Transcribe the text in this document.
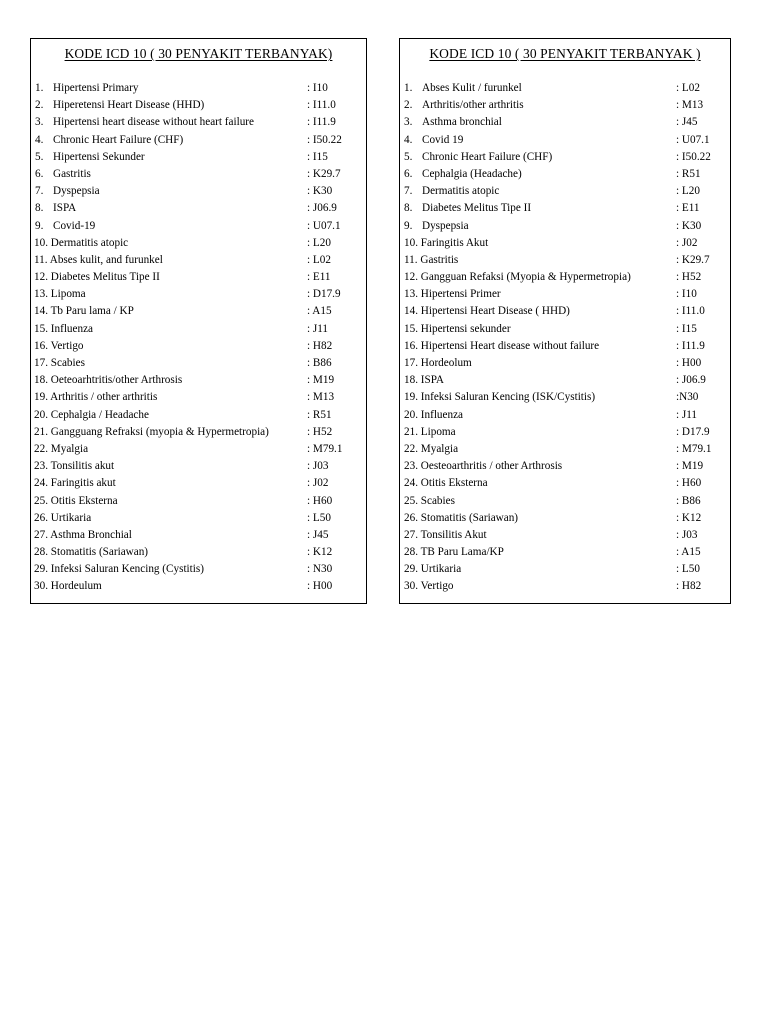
KODE ICD 10 ( 30 PENYAKIT TERBANYAK)
1. Hipertensi Primary	: I10
2. Hiperetensi Heart Disease (HHD)	: I11.0
3. Hipertensi heart disease without heart failure	: I11.9
4. Chronic Heart Failure (CHF)	: I50.22
5. Hipertensi Sekunder	: I15
6. Gastritis	: K29.7
7. Dyspepsia	: K30
8. ISPA	: J06.9
9. Covid-19	: U07.1
10. Dermatitis atopic	: L20
11. Abses kulit, and furunkel	: L02
12. Diabetes Melitus Tipe II	: E11
13. Lipoma	: D17.9
14. Tb Paru lama / KP	: A15
15. Influenza	: J11
16. Vertigo	: H82
17. Scabies	: B86
18. Oeteoarhtritis/other Arthrosis	: M19
19. Arthritis / other arthritis	: M13
20. Cephalgia / Headache	: R51
21. Gangguang Refraksi (myopia & Hypermetropia)	: H52
22. Myalgia	: M79.1
23. Tonsilitis akut	: J03
24. Faringitis akut	: J02
25. Otitis Eksterna	: H60
26. Urtikaria	: L50
27. Asthma Bronchial	: J45
28. Stomatitis (Sariawan)	: K12
29. Infeksi Saluran Kencing (Cystitis)	: N30
30. Hordeulum	: H00
KODE ICD 10 ( 30 PENYAKIT TERBANYAK )
1. Abses Kulit / furunkel	: L02
2. Arthritis/other arthritis	: M13
3. Asthma bronchial	: J45
4. Covid 19	: U07.1
5. Chronic Heart Failure (CHF)	: I50.22
6. Cephalgia (Headache)	: R51
7. Dermatitis atopic	: L20
8. Diabetes Melitus Tipe II	: E11
9. Dyspepsia	: K30
10. Faringitis Akut	: J02
11. Gastritis	: K29.7
12. Gangguan Refaksi (Myopia & Hypermetropia)	: H52
13. Hipertensi Primer	: I10
14. Hipertensi Heart Disease ( HHD)	: I11.0
15. Hipertensi sekunder	: I15
16. Hipertensi Heart disease without failure	: I11.9
17. Hordeolum	: H00
18. ISPA	: J06.9
19. Infeksi Saluran Kencing (ISK/Cystitis)	:N30
20. Influenza	: J11
21. Lipoma	: D17.9
22. Myalgia	: M79.1
23. Oesteoarthritis / other Arthrosis	: M19
24. Otitis Eksterna	: H60
25. Scabies	: B86
26. Stomatitis (Sariawan)	: K12
27. Tonsilitis Akut	: J03
28. TB Paru Lama/KP	: A15
29. Urtikaria	: L50
30. Vertigo	: H82
